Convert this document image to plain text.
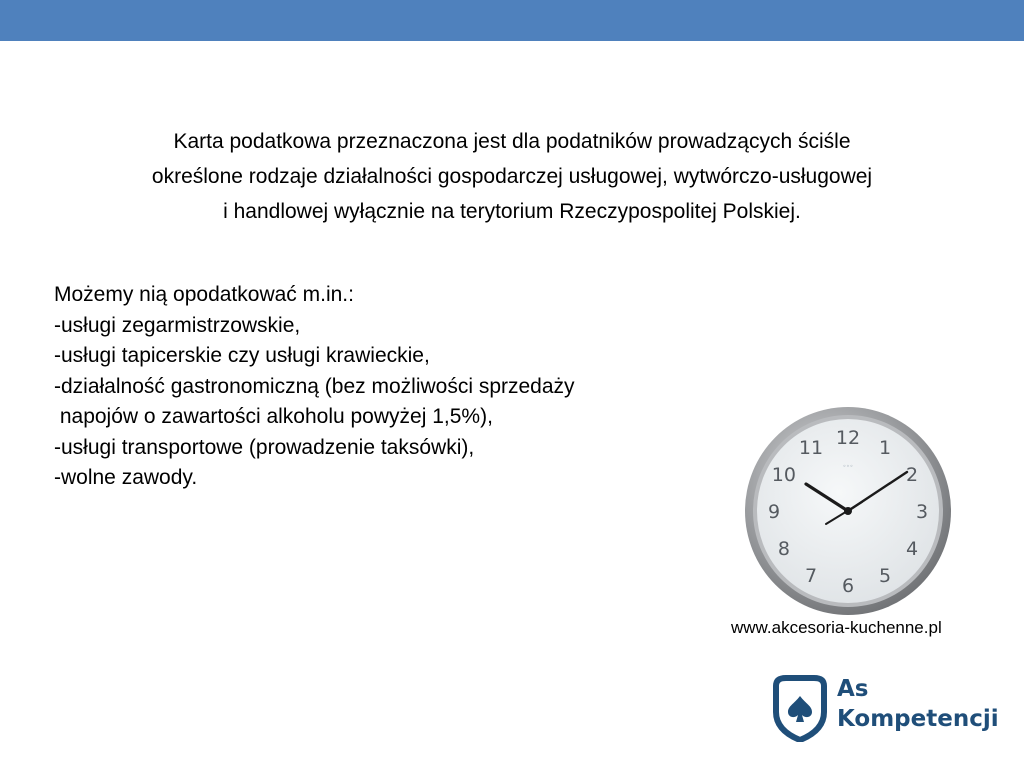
Karta podatkowa przeznaczona jest dla podatników prowadzących ściśle
określone rodzaje działalności gospodarczej usługowej, wytwórczo-usługowej
i handlowej wyłącznie na terytorium Rzeczypospolitej Polskiej.

Możemy nią opodatkować m.in.:
-usługi zegarmistrzowskie,
-usługi tapicerskie czy usługi krawieckie,
-działalność gastronomiczną (bez możliwości sprzedaży
napojów o zawartości alkoholu powyżej 1,5%),
-usługi transportowe (prowadzenie taksówki),
-wolne zawody.
12 1
2
3
4
5
6
7
8
9
10
11
◦◦◦
www.akcesoria-kuchenne.pl
As
Kompetencji
